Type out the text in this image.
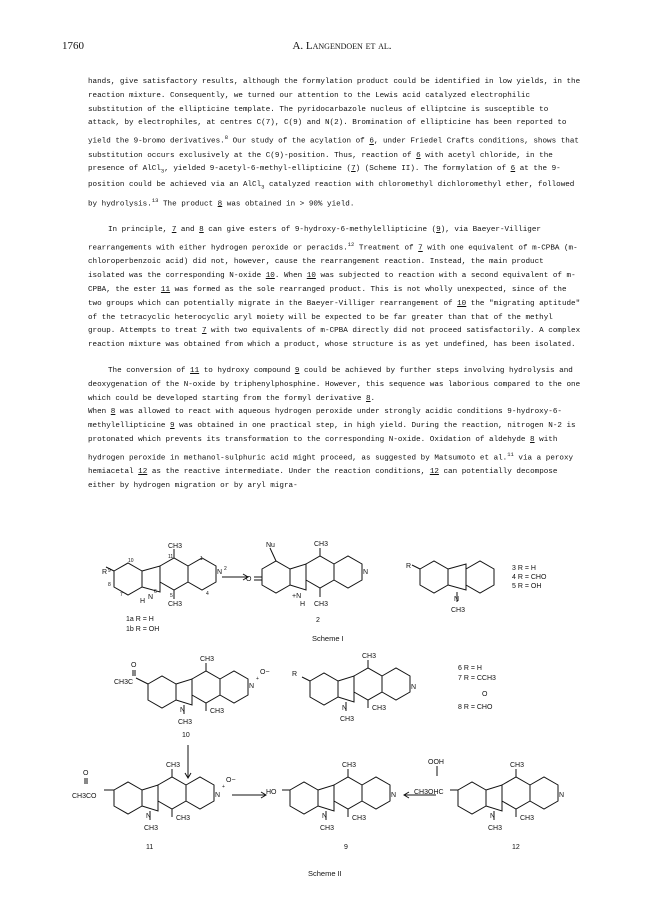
1760	A. Langendoen et al.

hands, give satisfactory results, although the formylation product could be identified in low yields, in the reaction mixture. Consequently, we turned our attention to the Lewis acid catalyzed electrophilic substitution of the ellipticine template. The pyridocarbazole nucleus of elliptcine is susceptible to attack, by electrophiles, at centres C(7), C(9) and N(2). Bromination of ellipticine has been reported to yield the 9-bromo derivatives.$^8$ Our study of the acylation of 6, under Friedel Crafts conditions, shows that substitution occurs exclusively at the C(9)-position. Thus, reaction of 6 with acetyl chloride, in the presence of AlCl$_3$, yielded 9-acetyl-6-methyl-ellipticine (7) (Scheme II). The formylation of 6 at the 9-position could be achieved via an AlCl$_3$ catalyzed reaction with chloromethyl dichloromethyl ether, followed by hydrolysis.$^{13}$ The product 8 was obtained in > 90% yield.

In principle, 7 and 8 can give esters of 9-hydroxy-6-methylellipticine (9), via Baeyer-Villiger rearrangements with either hydrogen peroxide or peracids.$^{12}$ Treatment of 7 with one equivalent of m-CPBA (m-chloroperbenzoic acid) did not, however, cause the rearrangement reaction. Instead, the main product isolated was the corresponding N-oxide 10. When 10 was subjected to reaction with a second equivalent of m-CPBA, the ester 11 was formed as the sole rearranged product. This is not wholly unexpected, since of the two groups which can potentially migrate in the Baeyer-Villiger rearrangement of 10 the "migrating aptitude" of the tetracyclic heterocyclic aryl moiety will be expected to be far greater than that of the methyl group. Attempts to treat 7 with two equivalents of m-CPBA directly did not proceed satisfactorily. A complex reaction mixture was obtained from which a product, whose structure is as yet undefined, has been isolated.

The conversion of 11 to hydroxy compound 9 could be achieved by further steps involving hydrolysis and deoxygenation of the N-oxide by triphenylphosphine. However, this sequence was laborious compared to the one which could be developed starting from the formyl derivative 8.

When 8 was allowed to react with aqueous hydrogen peroxide under strongly acidic conditions 9-hydroxy-6-methylellipticine 9 was obtained in one practical step, in high yield. During the reaction, nitrogen N-2 is protonated which prevents its transformation to the corresponding N-oxide. Oxidation of aldehyde 8 with hydrogen peroxide in methanol-sulphuric acid might proceed, as suggested by Matsumoto et al.$^{11}$ via a peroxy hemiacetal 12 as the reactive intermediate. Under the reaction conditions, 12 can potentially decompose either by hydrogen migration or by aryl migra-

CH3
CH3
R	N
N
H
10
11	1
2
9
8
7	6
5	4
1a R = H
1b R = OH
Nu	CH3
CH3
O
N
+N
H
2
R
N
CH3
3 R = H
4 R = CHO
5 R = OH
Scheme I
O
CH3C
CH3
N
+
O−
N
CH3
CH3
10
R
CH3
N
N
CH3
CH3
6 R = H
7 R = CCH3
O
8 R = CHO
O
CH3CO
CH3
N
+
O−
N
CH3
CH3
11
HO
CH3
N
N
CH3
CH3
9
OOH
CH3OHC
CH3
N
N
CH3
CH3
12
Scheme II
